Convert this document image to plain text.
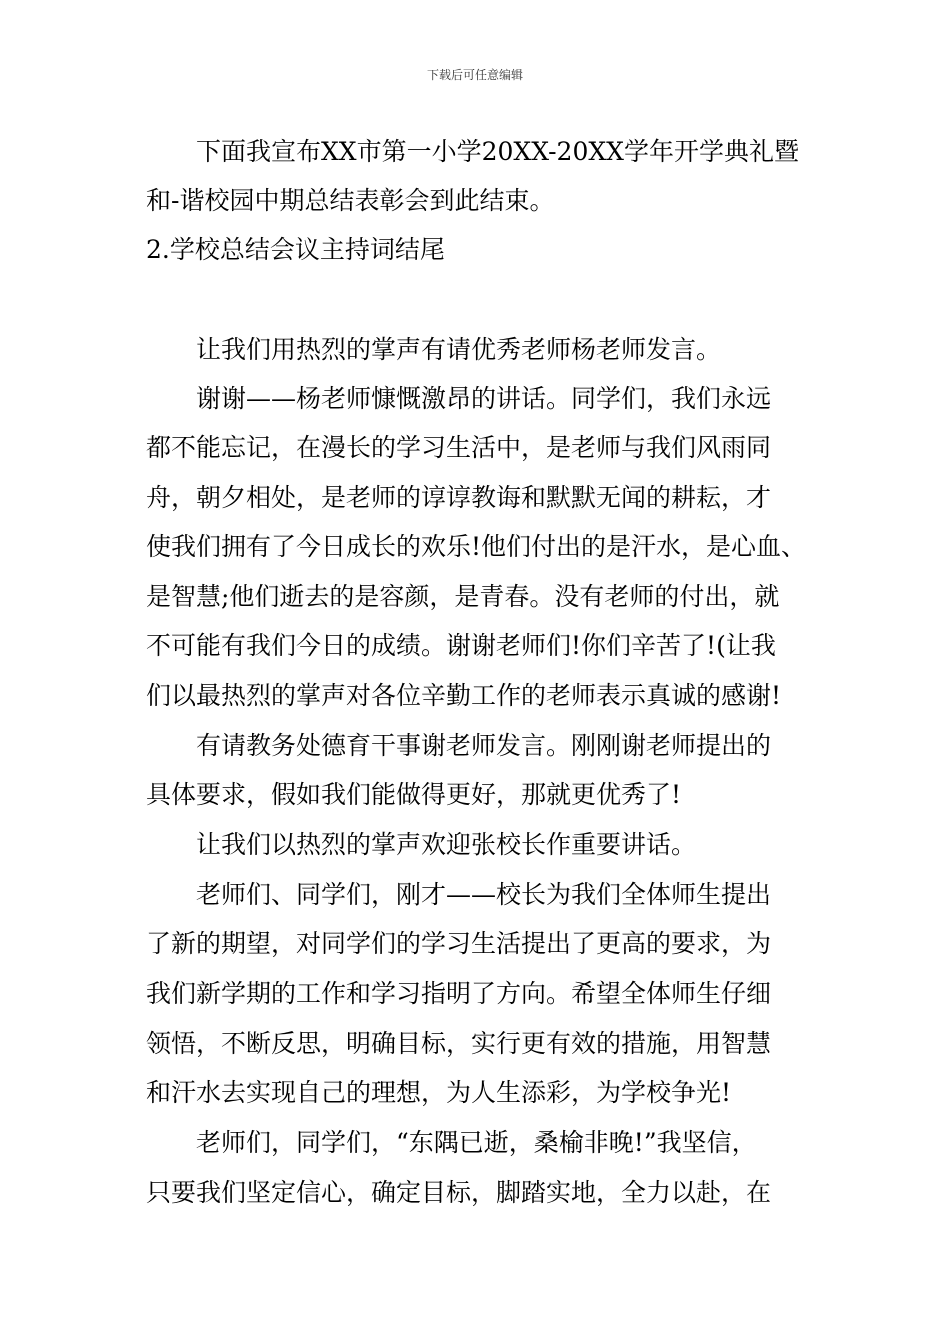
下载后可任意编辑
下面我宣布XX市第一小学20XX-20XX学年开学典礼暨
和-谐校园中期总结表彰会到此结束。
2.学校总结会议主持词结尾
让我们用热烈的掌声有请优秀老师杨老师发言。
谢谢——杨老师慷慨激昂的讲话。同学们，我们永远
都不能忘记，在漫长的学习生活中，是老师与我们风雨同
舟，朝夕相处，是老师的谆谆教诲和默默无闻的耕耘，才
使我们拥有了今日成长的欢乐!他们付出的是汗水，是心血、
是智慧;他们逝去的是容颜，是青春。没有老师的付出，就
不可能有我们今日的成绩。谢谢老师们!你们辛苦了!(让我
们以最热烈的掌声对各位辛勤工作的老师表示真诚的感谢!
有请教务处德育干事谢老师发言。刚刚谢老师提出的
具体要求，假如我们能做得更好，那就更优秀了!
让我们以热烈的掌声欢迎张校长作重要讲话。
老师们、同学们，刚才——校长为我们全体师生提出
了新的期望，对同学们的学习生活提出了更高的要求，为
我们新学期的工作和学习指明了方向。希望全体师生仔细
领悟，不断反思，明确目标，实行更有效的措施，用智慧
和汗水去实现自己的理想，为人生添彩，为学校争光!
老师们，同学们，“东隅已逝，桑榆非晚!”我坚信，
只要我们坚定信心，确定目标，脚踏实地，全力以赴，在
